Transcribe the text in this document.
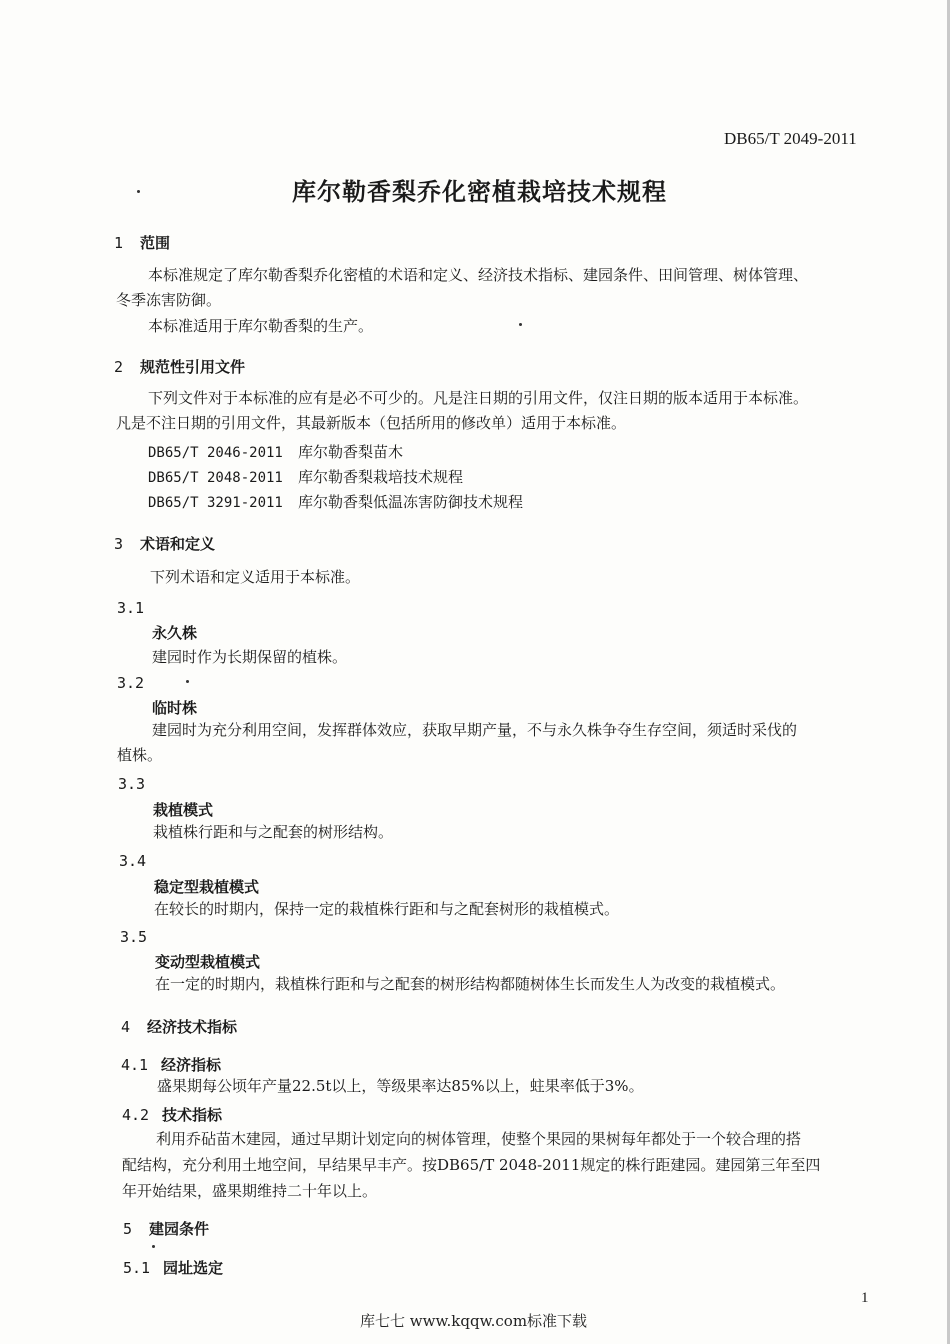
DB65/T 2049-2011
库尔勒香梨乔化密植栽培技术规程
1 范围
本标准规定了库尔勒香梨乔化密植的术语和定义、经济技术指标、建园条件、田间管理、树体管理、
冬季冻害防御。
本标准适用于库尔勒香梨的生产。
2 规范性引用文件
下列文件对于本标准的应有是必不可少的。凡是注日期的引用文件，仅注日期的版本适用于本标准。
凡是不注日期的引用文件，其最新版本（包括所用的修改单）适用于本标准。
DB65/T 2046-2011 库尔勒香梨苗木
DB65/T 2048-2011 库尔勒香梨栽培技术规程
DB65/T 3291-2011 库尔勒香梨低温冻害防御技术规程
3 术语和定义
下列术语和定义适用于本标准。
3.1
永久株
建园时作为长期保留的植株。
3.2
临时株
建园时为充分利用空间，发挥群体效应，获取早期产量，不与永久株争夺生存空间，须适时采伐的
植株。
3.3
栽植模式
栽植株行距和与之配套的树形结构。
3.4
稳定型栽植模式
在较长的时期内，保持一定的栽植株行距和与之配套树形的栽植模式。
3.5
变动型栽植模式
在一定的时期内，栽植株行距和与之配套的树形结构都随树体生长而发生人为改变的栽植模式。
4 经济技术指标
4.1 经济指标
盛果期每公顷年产量22.5t以上，等级果率达85%以上，蛀果率低于3%。
4.2 技术指标
利用乔砧苗木建园，通过早期计划定向的树体管理，使整个果园的果树每年都处于一个较合理的搭
配结构，充分利用土地空间，早结果早丰产。按DB65/T 2048-2011规定的株行距建园。建园第三年至四
年开始结果，盛果期维持二十年以上。
5 建园条件
5.1 园址选定
1
库七七 www.kqqw.com标准下载
